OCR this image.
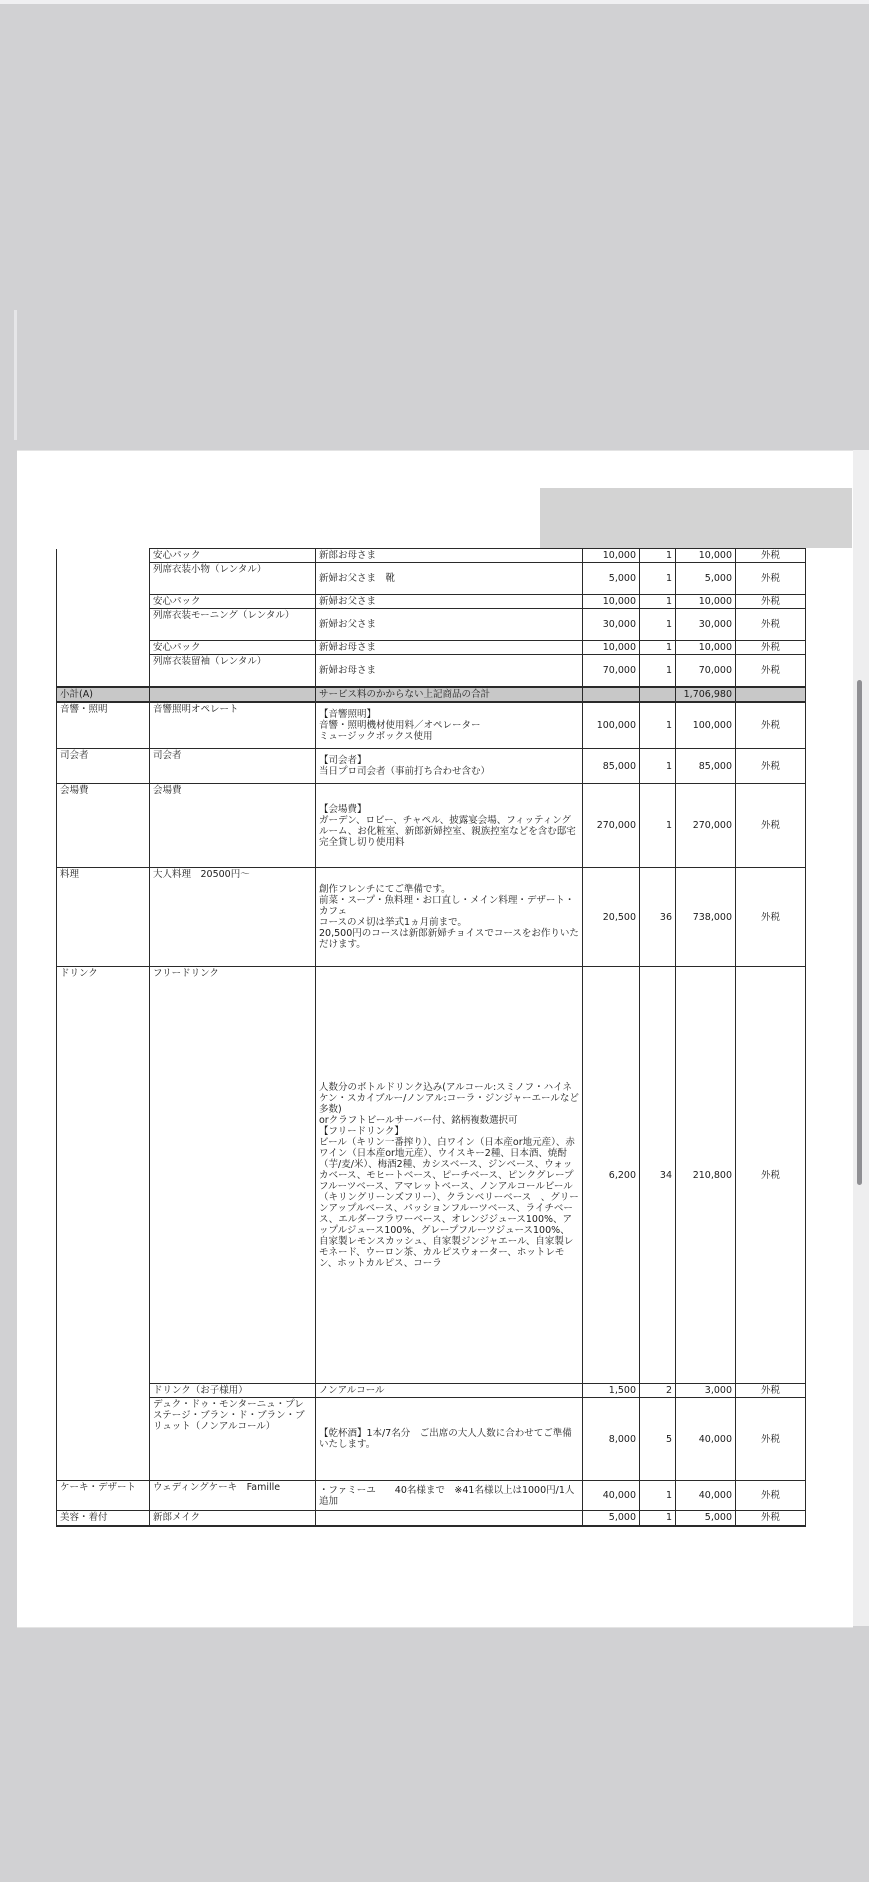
	安心パック	新郎お母さま	10,000	1	10,000	外税
	列席衣装小物（レンタル）	新婦お父さま　靴	5,000	1	5,000	外税
	安心パック	新婦お父さま	10,000	1	10,000	外税
	列席衣装モーニング（レンタル）	新婦お父さま	30,000	1	30,000	外税
	安心パック	新婦お母さま	10,000	1	10,000	外税
	列席衣装留袖（レンタル）	新婦お母さま	70,000	1	70,000	外税
小計(A)		サービス料のかからない上記商品の合計			1,706,980	
音響・照明	音響照明オペレート	【音響照明】
音響・照明機材使用料／オペレーター
ミュージックボックス使用	100,000	1	100,000	外税
司会者	司会者	【司会者】
当日プロ司会者（事前打ち合わせ含む）	85,000	1	85,000	外税
会場費	会場費	【会場費】
ガーデン、ロビー、チャペル、披露宴会場、フィッティングルーム、お化粧室、新郎新婦控室、親族控室などを含む邸宅完全貸し切り使用料	270,000	1	270,000	外税
料理	大人料理　20500円～	創作フレンチにてご準備です。
前菜・スープ・魚料理・お口直し・メイン料理・デザート・カフェ
コースのメ切は挙式1ヵ月前まで。
20,500円のコースは新郎新婦チョイスでコースをお作りいただけます。	20,500	36	738,000	外税
ドリンク	フリードリンク	人数分のボトルドリンク込み(アルコール:スミノフ・ハイネケン・スカイブルー/ノンアル:コーラ・ジンジャーエールなど多数)
orクラフトビールサーバー付、銘柄複数選択可
【フリードリンク】
ビール（キリン一番搾り）、白ワイン（日本産or地元産）、赤ワイン（日本産or地元産）、ウイスキー2種、日本酒、焼酎（芋/麦/米）、梅酒2種、カシスベース、ジンベース、ウォッカベース、モヒートベース、ピーチベース、ピンクグレープフルーツベース、アマレットベース、ノンアルコールビール（キリングリーンズフリー）、クランベリーベース　、グリーンアップルベース、パッションフルーツベース、ライチベース、エルダーフラワーベース、オレンジジュース100%、アップルジュース100%、グレープフルーツジュース100%、自家製レモンスカッシュ、自家製ジンジャエール、自家製レモネード、ウーロン茶、カルピスウォーター、ホットレモン、ホットカルピス、コーラ	6,200	34	210,800	外税
	ドリンク（お子様用）	ノンアルコール	1,500	2	3,000	外税
	デュク・ドゥ・モンターニュ・プレステージ・ブラン・ド・ブラン・ブリュット（ノンアルコール）	【乾杯酒】1本/7名分　ご出席の大人人数に合わせてご準備いたします。	8,000	5	40,000	外税
ケーキ・デザート	ウェディングケーキ　Famille	・ファミーユ　　40名様まで　※41名様以上は1000円/1人追加	40,000	1	40,000	外税
美容・着付	新郎メイク		5,000	1	5,000	外税
